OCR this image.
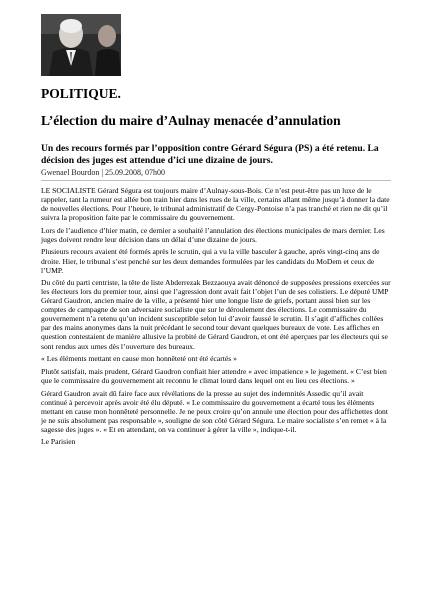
POLITIQUE.
L’élection du maire d’Aulnay menacée d’annulation

Un des recours formés par l’opposition contre Gérard Ségura (PS) a été retenu. La décision des juges est attendue d’ici une dizaine de jours.

Gwenael Bourdon | 25.09.2008, 07h00

LE SOCIALISTE Gérard Ségura est toujours maire d’Aulnay-sous-Bois. Ce n’est peut-être pas un luxe de le rappeler, tant la rumeur est allée bon train hier dans les rues de la ville, certains allant même jusqu’à donner la date de nouvelles élections. Pour l’heure, le tribunal administratif de Cergy-Pontoise n’a pas tranché et rien ne dit qu’il suivra la proposition faite par le commissaire du gouvernement.

Lors de l’audience d’hier matin, ce dernier a souhaité l’annulation des élections municipales de mars dernier. Les juges doivent rendre leur décision dans un délai d’une dizaine de jours.

Plusieurs recours avaient été formés après le scrutin, qui a vu la ville basculer à gauche, après vingt-cinq ans de droite. Hier, le tribunal s’est penché sur les deux demandes formulées par les candidats du MoDem et ceux de l’UMP.

Du côté du parti centriste, la tête de liste Abderrezak Bezzaouya avait dénoncé de supposées pressions exercées sur les électeurs lors du premier tour, ainsi que l’agression dont avait fait l’objet l’un de ses colistiers. Le député UMP Gérard Gaudron, ancien maire de la ville, a présenté hier une longue liste de griefs, portant aussi bien sur les comptes de campagne de son adversaire socialiste que sur le déroulement des élections. Le commissaire du gouvernement n’a retenu qu’un incident susceptible selon lui d’avoir faussé le scrutin. Il s’agit d’affiches collées par des mains anonymes dans la nuit précédant le second tour devant quelques bureaux de vote. Les affiches en question contestaient de manière allusive la probité de Gérard Gaudron, et ont été aperçues par les électeurs qui se sont rendus aux urnes dès l’ouverture des bureaux.

« Les éléments mettant en cause mon honnêteté ont été écartés »

Plutôt satisfait, mais prudent, Gérard Gaudron confiait hier attendre « avec impatience » le jugement. « C’est bien que le commissaire du gouvernement ait reconnu le climat lourd dans lequel ont eu lieu ces élections. »

Gérard Gaudron avait dû faire face aux révélations de la presse au sujet des indemnités Assedic qu’il avait continué à percevoir après avoir été élu député. « Le commissaire du gouvernement a écarté tous les éléments mettant en cause mon honnêteté personnelle. Je ne peux croire qu’on annule une élection pour des affichettes dont je ne suis absolument pas responsable », souligne de son côté Gérard Ségura. Le maire socialiste s’en remet « à la sagesse des juges ». « Et en attendant, on va continuer à gérer la ville », indique-t-il.

Le Parisien
